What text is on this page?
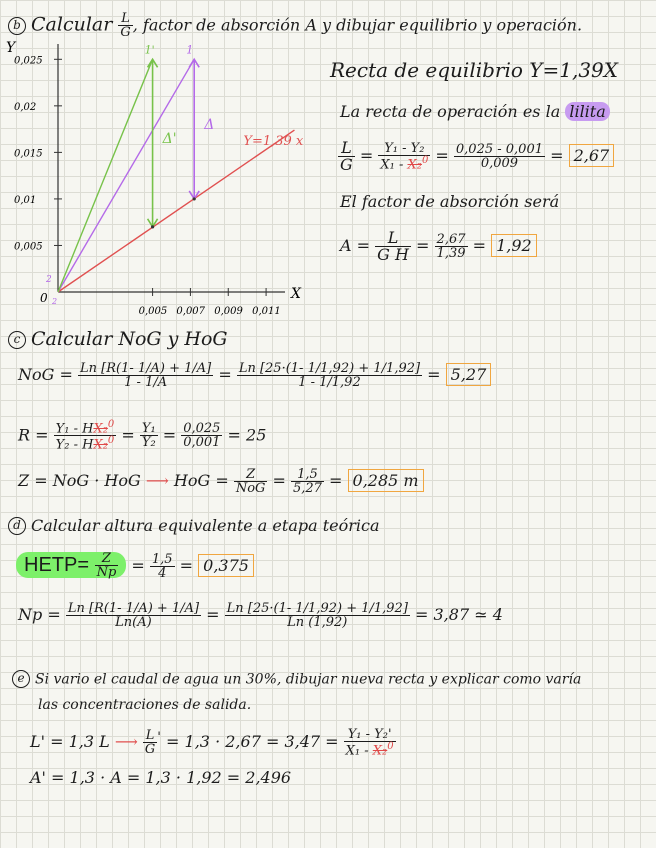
b Calcular $\frac{L}{G}$ , factor de absorción A y dibujar equilibrio y operación.
X
Y
0 2
2
Y=1,39 x
1
1'
Δ
Δ'
0,005 0,007 0,009 0,011
0,025
0,02
0,015
0,01
0,005
Recta de equilibrio Y=1,39X
La recta de operación es la lilita
$\frac{L}{G} = \frac{\text{Y₁ - Y₂}}{X_1 - X_2^0} = \frac{0,025 - 0,001}{0,009} = 2,67$
El factor de absorción será
$A = \frac{L}{\text{G H}} = \frac{2,67}{1,39} = 1,92$
c Calcular NoG y HoG
NoG = $\frac{Ln [R(1- 1/A) + 1/A]}{1 - 1/A} = \frac{Ln [25\cdot(1- 1/1,92) + 1/1,92]}{1 - 1/1,92} = 5,27$
$R = \frac{Y_1 - HX_2^0}{Y_2 - HX_2^0} = \frac{\text{Y₁}}{\text{Y₂}} = \frac{0,025}{0,001} = 25$
Z = NoG · HoG ⟶ HoG = $\frac{Z}{\text{NoG}} = \frac{1,5}{5,27} = 0,285$ m
d Calcular altura equivalente a etapa teórica
HETP= $\frac{Z}{Np} = \frac{1,5}{4} = 0,375$
$Np = \frac{Ln [R(1- 1/A) + 1/A]}{Ln(A)} = \frac{Ln [25\cdot(1- 1/1,92) + 1/1,92]}{Ln (1,92)} = 3,87$ ≃ 4
e Si vario el caudal de agua un 30%, dibujar nueva recta y explicar como varía
las concentraciones de salida.
L' = 1,3 L ⟶ $\frac{L}{G} ' = 1,3 \cdot 2,67 = 3,47 = \frac{\text{Y₁ - Y₂'}}{X_1 - X_2^0}$
A' = 1,3 · A = 1,3 · 1,92 = 2,496
